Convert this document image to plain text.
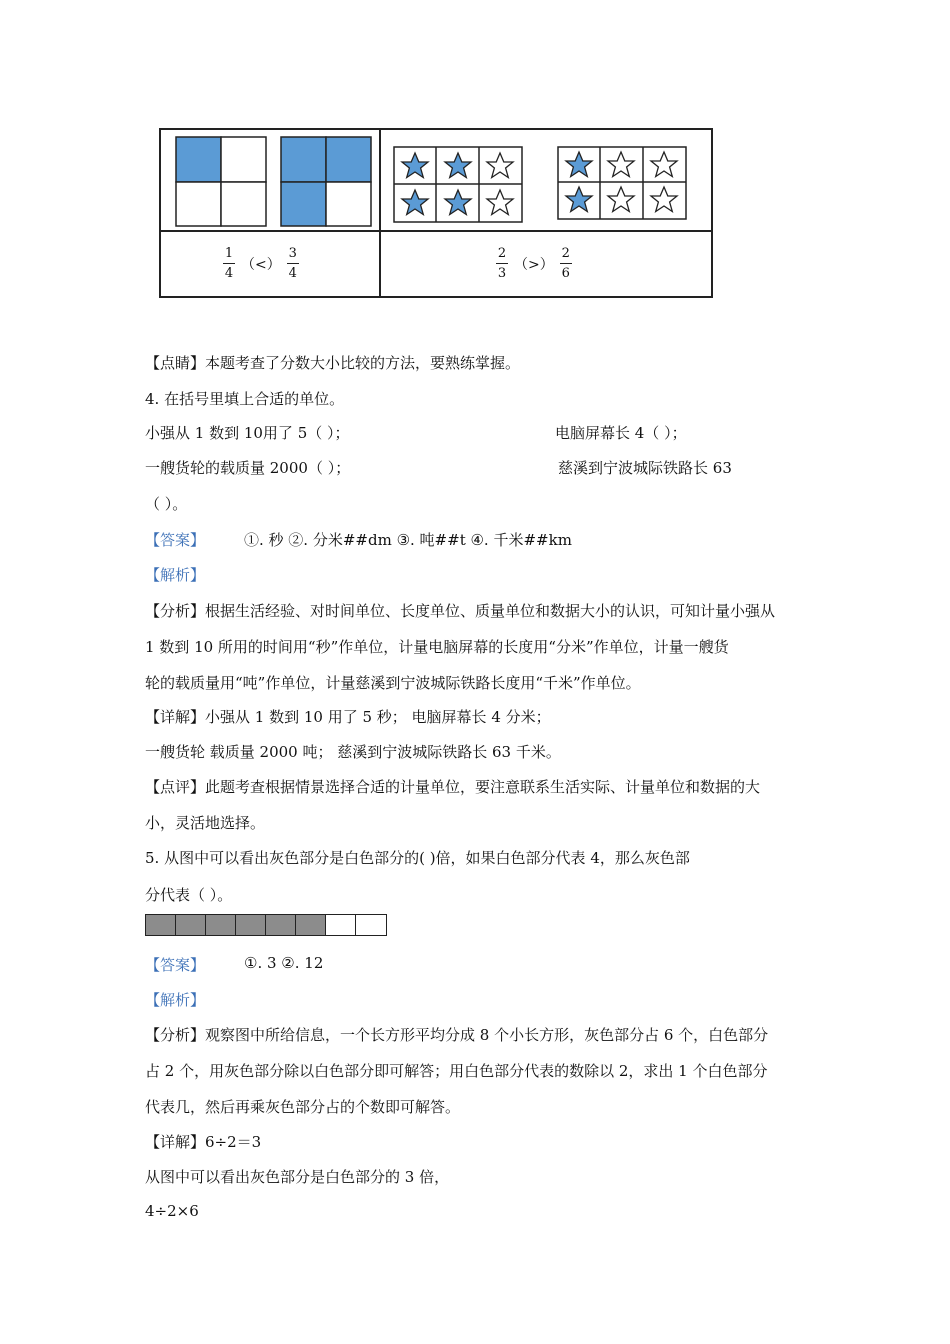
$\frac{1}{4}$ （<） $\frac{3}{4}$	$\frac{2}{3}$ （>） $\frac{2}{6}$
【点睛】本题考查了分数大小比较的方法，要熟练掌握。
4. 在括号里填上合适的单位。
小强从 1 数到 10用了 5（ ）；	电脑屏幕长 4（ ）；
一艘货轮的载质量 2000（ ）；	慈溪到宁波城际铁路长 63
（ ）。
【答案】	①. 秒 ②. 分米##dm ③. 吨##t ④. 千米##km
【解析】
【分析】根据生活经验、对时间单位、长度单位、质量单位和数据大小的认识，可知计量小强从
1 数到 10 所用的时间用“秒”作单位，计量电脑屏幕的长度用“分米”作单位，计量一艘货
轮的载质量用“吨”作单位，计量慈溪到宁波城际铁路长度用“千米”作单位。
【详解】小强从 1 数到 10 用了 5 秒； 电脑屏幕长 4 分米；
一艘货轮 载质量 2000 吨； 慈溪到宁波城际铁路长 63 千米。
【点评】此题考查根据情景选择合适的计量单位，要注意联系生活实际、计量单位和数据的大
小，灵活地选择。
5. 从图中可以看出灰色部分是白色部分的( )倍，如果白色部分代表 4，那么灰色部
分代表（ ）。
【答案】	①. 3 ②. 12
【解析】
【分析】观察图中所给信息，一个长方形平均分成 8 个小长方形，灰色部分占 6 个，白色部分
占 2 个，用灰色部分除以白色部分即可解答；用白色部分代表的数除以 2，求出 1 个白色部分
代表几，然后再乘灰色部分占的个数即可解答。
【详解】6÷2＝3
从图中可以看出灰色部分是白色部分的 3 倍，
4÷2×6
